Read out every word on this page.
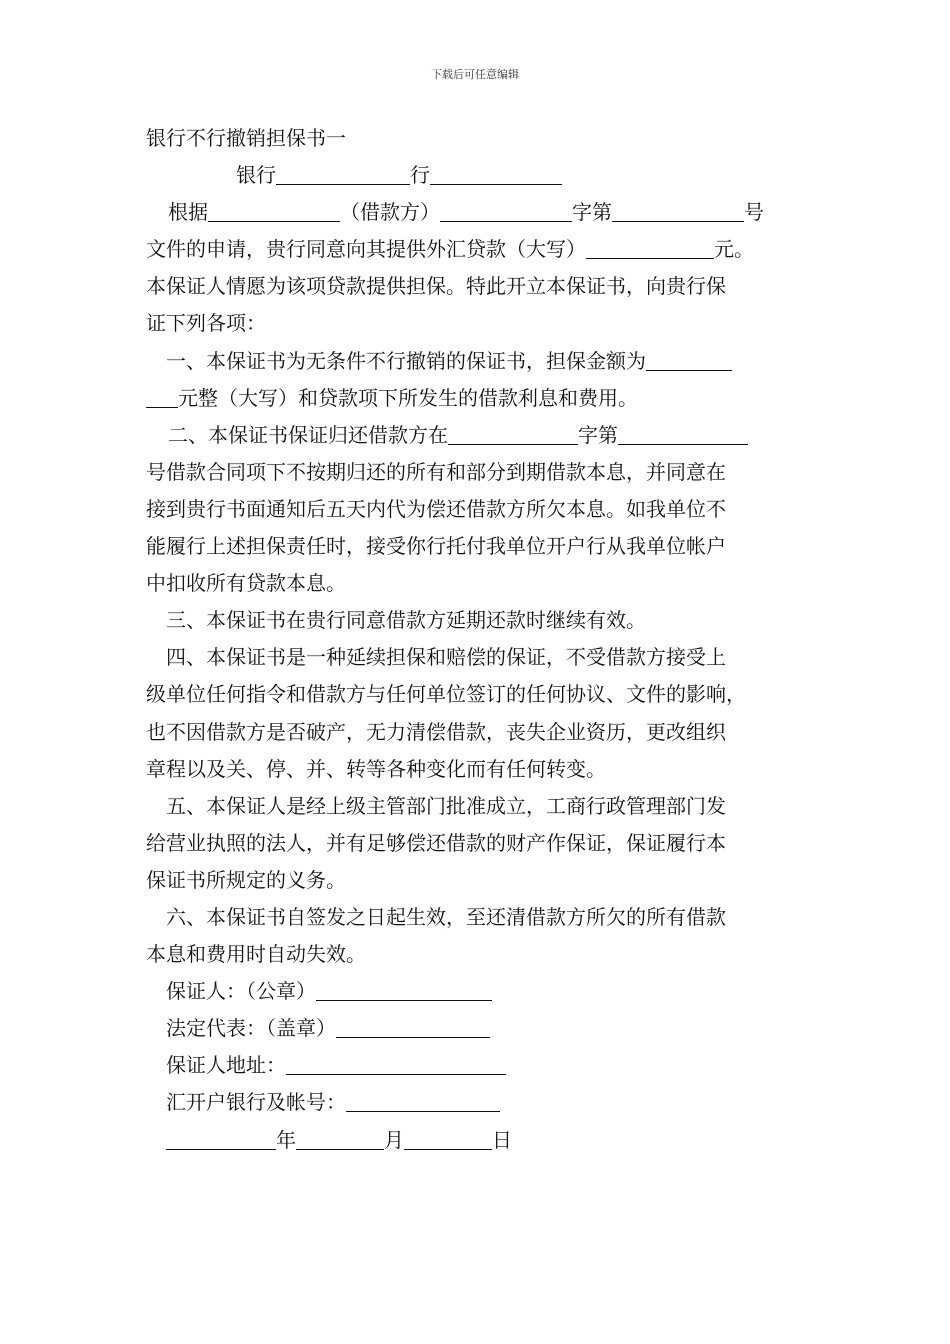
下载后可任意编辑
银行不行撤销担保书一
银行	行
根据	（借款方）	字第	号
文件的申请，贵行同意向其提供外汇贷款（大写）	元。
本保证人情愿为该项贷款提供担保。特此开立本保证书，向贵行保
证下列各项：
一、本保证书为无条件不行撤销的保证书，担保金额为
元整（大写）和贷款项下所发生的借款利息和费用。
二、本保证书保证归还借款方在	字第
号借款合同项下不按期归还的所有和部分到期借款本息，并同意在
接到贵行书面通知后五天内代为偿还借款方所欠本息。如我单位不
能履行上述担保责任时，接受你行托付我单位开户行从我单位帐户
中扣收所有贷款本息。
三、本保证书在贵行同意借款方延期还款时继续有效。
四、本保证书是一种延续担保和赔偿的保证，不受借款方接受上
级单位任何指令和借款方与任何单位签订的任何协议、文件的影响，
也不因借款方是否破产，无力清偿借款，丧失企业资历，更改组织
章程以及关、停、并、转等各种变化而有任何转变。
五、本保证人是经上级主管部门批准成立，工商行政管理部门发
给营业执照的法人，并有足够偿还借款的财产作保证，保证履行本
保证书所规定的义务。
六、本保证书自签发之日起生效，至还清借款方所欠的所有借款
本息和费用时自动失效。
保证人：（公章）
法定代表：（盖章）
保证人地址：
汇开户银行及帐号：
年	月	日
